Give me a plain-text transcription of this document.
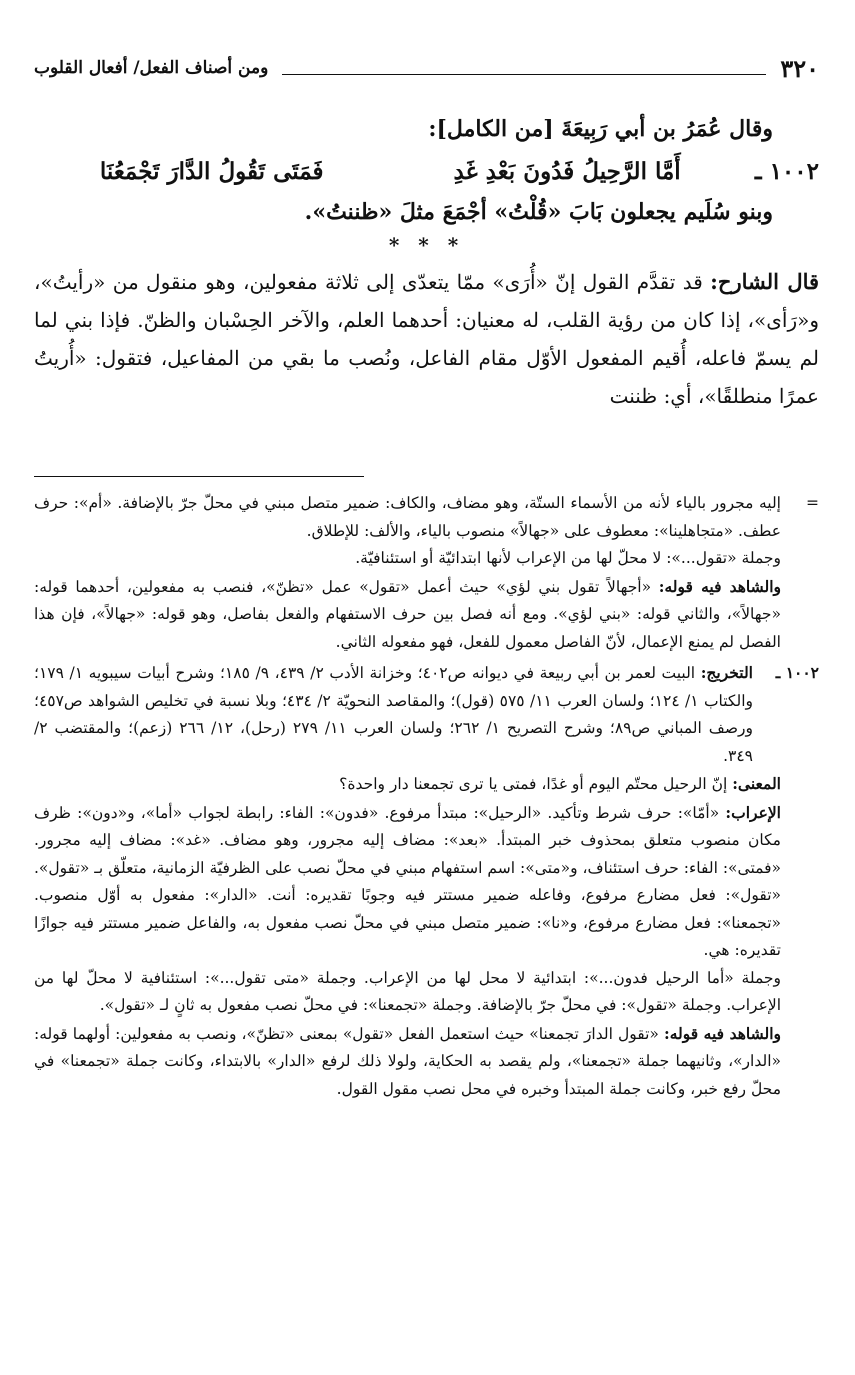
٣٢٠
ومن أصناف الفعل/ أفعال القلوب

وقال عُمَرُ بن أبي رَبِيعَةَ [من الكامل]:

١٠٠٢ ـ
أَمَّا الرَّحِيلُ فَدُونَ بَعْدِ غَدِ
فَمَتَى تَقُولُ الدَّارَ تَجْمَعُنَا

وبنو سُلَيم يجعلون بَابَ «قُلْتُ» أجْمَعَ مثلَ «ظننتُ».

* * *

قال الشارح: قد تقدَّم القول إنّ «أُرَى» ممّا يتعدّى إلى ثلاثة مفعولين، وهو منقول من «رأيتُ»، و«رَأى»، إذا كان من رؤية القلب، له معنيان: أحدهما العلم، والآخر الحِسْبان والظنّ. فإذا بني لما لم يسمّ فاعله، أُقيم المفعول الأوّل مقام الفاعل، ونُصب ما بقي من المفاعيل، فتقول: «أُريتُ عمرًا منطلقًا»، أي: ظننت

=

إليه مجرور بالياء لأنه من الأسماء الستّة، وهو مضاف، والكاف: ضمير متصل مبني في محلّ جرّ بالإضافة. «أم»: حرف عطف. «متجاهلينا»: معطوف على «جهالاً» منصوب بالياء، والألف: للإطلاق.

وجملة «تقول...»: لا محلّ لها من الإعراب لأنها ابتدائيّة أو استئنافيّة.

والشاهد فيه قوله: «أجهالاً تقول بني لؤي» حيث أعمل «تقول» عمل «تظنّ»، فنصب به مفعولين، أحدهما قوله: «جهالاً»، والثاني قوله: «بني لؤي». ومع أنه فصل بين حرف الاستفهام والفعل بفاصل، وهو قوله: «جهالاً»، فإن هذا الفصل لم يمنع الإعمال، لأنّ الفاصل معمول للفعل، فهو مفعوله الثاني.

١٠٠٢ ـ

التخريج: البيت لعمر بن أبي ربيعة في ديوانه ص٤٠٢؛ وخزانة الأدب ٢/ ٤٣٩، ٩/ ١٨٥؛ وشرح أبيات سيبويه ١/ ١٧٩؛ والكتاب ١/ ١٢٤؛ ولسان العرب ١١/ ٥٧٥ (قول)؛ والمقاصد النحويّة ٢/ ٤٣٤؛ وبلا نسبة في تخليص الشواهد ص٤٥٧؛ ورصف المباني ص٨٩؛ وشرح التصريح ١/ ٢٦٢؛ ولسان العرب ١١/ ٢٧٩ (رحل)، ١٢/ ٢٦٦ (زعم)؛ والمقتضب ٢/ ٣٤٩.

المعنى: إنّ الرحيل محتّم اليوم أو غدًا، فمتى يا ترى تجمعنا دار واحدة؟

الإعراب: «أمّا»: حرف شرط وتأكيد. «الرحيل»: مبتدأ مرفوع. «فدون»: الفاء: رابطة لجواب «أما»، و«دون»: ظرف مكان منصوب متعلق بمحذوف خبر المبتدأ. «بعد»: مضاف إليه مجرور، وهو مضاف. «غد»: مضاف إليه مجرور. «فمتى»: الفاء: حرف استئناف، و«متى»: اسم استفهام مبني في محلّ نصب على الظرفيّة الزمانية، متعلّق بـ «تقول». «تقول»: فعل مضارع مرفوع، وفاعله ضمير مستتر فيه وجوبًا تقديره: أنت. «الدار»: مفعول به أوّل منصوب. «تجمعنا»: فعل مضارع مرفوع، و«نا»: ضمير متصل مبني في محلّ نصب مفعول به، والفاعل ضمير مستتر فيه جوازًا تقديره: هي.

وجملة «أما الرحيل فدون...»: ابتدائية لا محل لها من الإعراب. وجملة «متى تقول...»: استئنافية لا محلّ لها من الإعراب. وجملة «تقول»: في محلّ جرّ بالإضافة. وجملة «تجمعنا»: في محلّ نصب مفعول به ثانٍ لـ «تقول».

والشاهد فيه قوله: «تقول الدارَ تجمعنا» حيث استعمل الفعل «تقول» بمعنى «تظنّ»، ونصب به مفعولين: أولهما قوله: «الدار»، وثانيهما جملة «تجمعنا»، ولم يقصد به الحكاية، ولولا ذلك لرفع «الدار» بالابتداء، وكانت جملة «تجمعنا» في محلّ رفع خبر، وكانت جملة المبتدأ وخبره في محل نصب مقول القول.
